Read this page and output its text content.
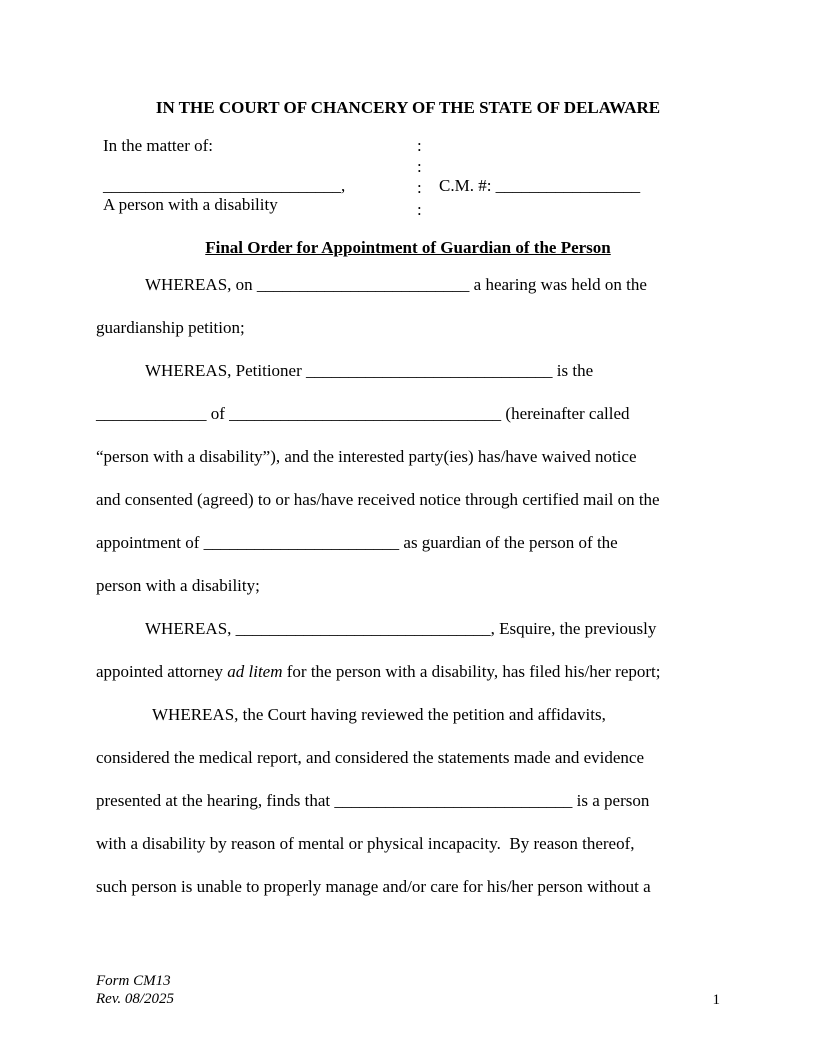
IN THE COURT OF CHANCERY OF THE STATE OF DELAWARE
In the matter of:
____________________________,
A person with a disability
:
:
:
:
C.M. #: _________________
Final Order for Appointment of Guardian of the Person
WHEREAS, on _________________________ a hearing was held on the
guardianship petition;
WHEREAS, Petitioner _____________________________ is the
_____________ of ________________________________ (hereinafter called
“person with a disability”), and the interested party(ies) has/have waived notice
and consented (agreed) to or has/have received notice through certified mail on the
appointment of _______________________ as guardian of the person of the
person with a disability;
WHEREAS, ______________________________, Esquire, the previously
appointed attorney ad litem for the person with a disability, has filed his/her report;
WHEREAS, the Court having reviewed the petition and affidavits,
considered the medical report, and considered the statements made and evidence
presented at the hearing, finds that ____________________________ is a person
with a disability by reason of mental or physical incapacity.  By reason thereof,
such person is unable to properly manage and/or care for his/her person without a
Form CM13
Rev. 08/2025	1
